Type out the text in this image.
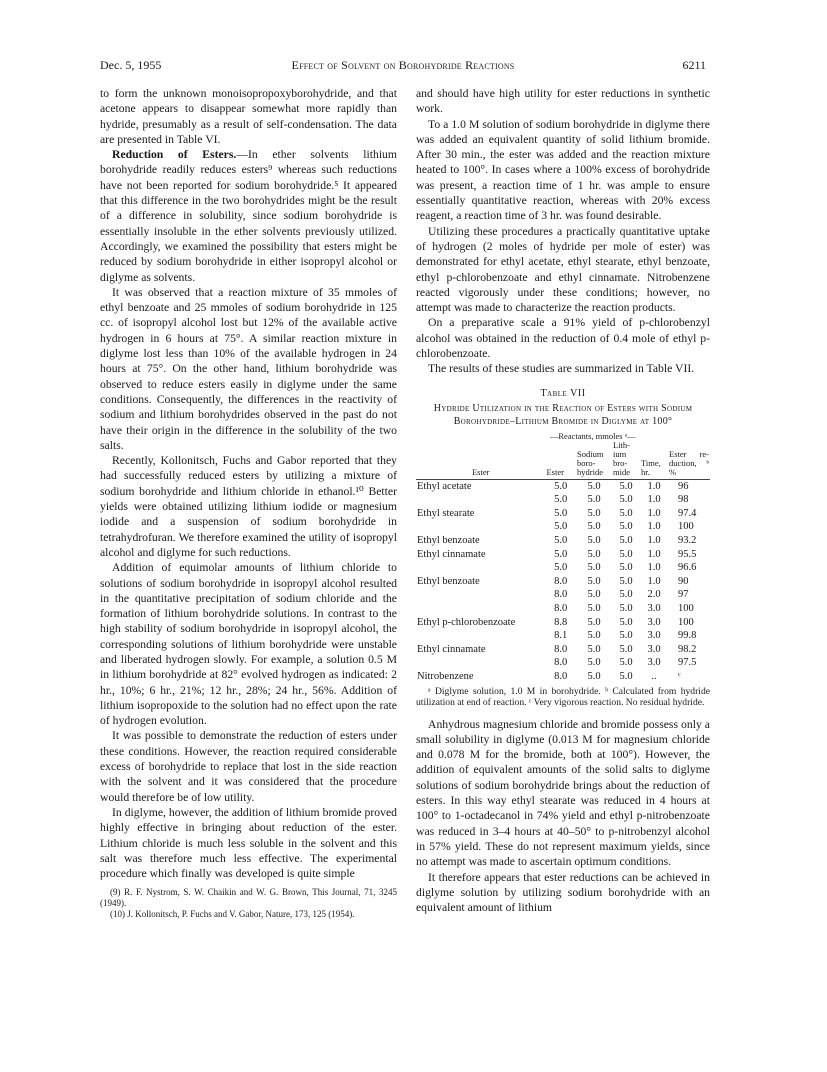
Dec. 5, 1955	Effect of Solvent on Borohydride Reactions	6211

to form the unknown monoisopropoxyborohydride, and that acetone appears to disappear somewhat more rapidly than hydride, presumably as a result of self-condensation. The data are presented in Table VI.

Reduction of Esters.—In ether solvents lithium borohydride readily reduces esters⁹ whereas such reductions have not been reported for sodium borohydride.⁵ It appeared that this difference in the two borohydrides might be the result of a difference in solubility, since sodium borohydride is essentially insoluble in the ether solvents previously utilized. Accordingly, we examined the possibility that esters might be reduced by sodium borohydride in either isopropyl alcohol or diglyme as solvents.

It was observed that a reaction mixture of 35 mmoles of ethyl benzoate and 25 mmoles of sodium borohydride in 125 cc. of isopropyl alcohol lost but 12% of the available active hydrogen in 6 hours at 75°. A similar reaction mixture in diglyme lost less than 10% of the available hydrogen in 24 hours at 75°. On the other hand, lithium borohydride was observed to reduce esters easily in diglyme under the same conditions. Consequently, the differences in the reactivity of sodium and lithium borohydrides observed in the past do not have their origin in the difference in the solubility of the two salts.

Recently, Kollonitsch, Fuchs and Gabor reported that they had successfully reduced esters by utilizing a mixture of sodium borohydride and lithium chloride in ethanol.¹⁰ Better yields were obtained utilizing lithium iodide or magnesium iodide and a suspension of sodium borohydride in tetrahydrofuran. We therefore examined the utility of isopropyl alcohol and diglyme for such reductions.

Addition of equimolar amounts of lithium chloride to solutions of sodium borohydride in isopropyl alcohol resulted in the quantitative precipitation of sodium chloride and the formation of lithium borohydride solutions. In contrast to the high stability of sodium borohydride in isopropyl alcohol, the corresponding solutions of lithium borohydride were unstable and liberated hydrogen slowly. For example, a solution 0.5 M in lithium borohydride at 82° evolved hydrogen as indicated: 2 hr., 10%; 6 hr., 21%; 12 hr., 28%; 24 hr., 56%. Addition of lithium isopropoxide to the solution had no effect upon the rate of hydrogen evolution.

It was possible to demonstrate the reduction of esters under these conditions. However, the reaction required considerable excess of borohydride to replace that lost in the side reaction with the solvent and it was considered that the procedure would therefore be of low utility.

In diglyme, however, the addition of lithium bromide proved highly effective in bringing about reduction of the ester. Lithium chloride is much less soluble in the solvent and this salt was therefore much less effective. The experimental procedure which finally was developed is quite simple

(9) R. F. Nystrom, S. W. Chaikin and W. G. Brown, This Journal, 71, 3245 (1949).
(10) J. Kollonitsch, P. Fuchs and V. Gabor, Nature, 173, 125 (1954).

and should have high utility for ester reductions in synthetic work.

To a 1.0 M solution of sodium borohydride in diglyme there was added an equivalent quantity of solid lithium bromide. After 30 min., the ester was added and the reaction mixture heated to 100°. In cases where a 100% excess of borohydride was present, a reaction time of 1 hr. was ample to ensure essentially quantitative reaction, whereas with 20% excess reagent, a reaction time of 3 hr. was found desirable.

Utilizing these procedures a practically quantitative uptake of hydrogen (2 moles of hydride per mole of ester) was demonstrated for ethyl acetate, ethyl stearate, ethyl benzoate, ethyl p-chlorobenzoate and ethyl cinnamate. Nitrobenzene reacted vigorously under these conditions; however, no attempt was made to characterize the reaction products.

On a preparative scale a 91% yield of p-chlorobenzyl alcohol was obtained in the reduction of 0.4 mole of ethyl p-chlorobenzoate.

The results of these studies are summarized in Table VII.

Table VII
Hydride Utilization in the Reaction of Esters with Sodium Borohydride–Lithium Bromide in Diglyme at 100°
	—Reactants, mmoles ᵃ—				
Ester	Ester	Sodium boro- hydride	Lith- ium bro- mide	Time, hr.	Ester re- duction, ᵇ %

Ethyl acetate	5.0	5.0	5.0	1.0	96
	5.0	5.0	5.0	1.0	98
Ethyl stearate	5.0	5.0	5.0	1.0	97.4
	5.0	5.0	5.0	1.0	100
Ethyl benzoate	5.0	5.0	5.0	1.0	93.2
Ethyl cinnamate	5.0	5.0	5.0	1.0	95.5
	5.0	5.0	5.0	1.0	96.6
Ethyl benzoate	8.0	5.0	5.0	1.0	90
	8.0	5.0	5.0	2.0	97
	8.0	5.0	5.0	3.0	100
Ethyl p-chlorobenzoate	8.8	5.0	5.0	3.0	100
	8.1	5.0	5.0	3.0	99.8
Ethyl cinnamate	8.0	5.0	5.0	3.0	98.2
	8.0	5.0	5.0	3.0	97.5
Nitrobenzene	8.0	5.0	5.0	..	ᶜ
ᵃ Diglyme solution, 1.0 M in borohydride. ᵇ Calculated from hydride utilization at end of reaction. ᶜ Very vigorous reaction. No residual hydride.

Anhydrous magnesium chloride and bromide possess only a small solubility in diglyme (0.013 M for magnesium chloride and 0.078 M for the bromide, both at 100°). However, the addition of equivalent amounts of the solid salts to diglyme solutions of sodium borohydride brings about the reduction of esters. In this way ethyl stearate was reduced in 4 hours at 100° to 1-octadecanol in 74% yield and ethyl p-nitrobenzoate was reduced in 3–4 hours at 40–50° to p-nitrobenzyl alcohol in 57% yield. These do not represent maximum yields, since no attempt was made to ascertain optimum conditions.

It therefore appears that ester reductions can be achieved in diglyme solution by utilizing sodium borohydride with an equivalent amount of lithium
